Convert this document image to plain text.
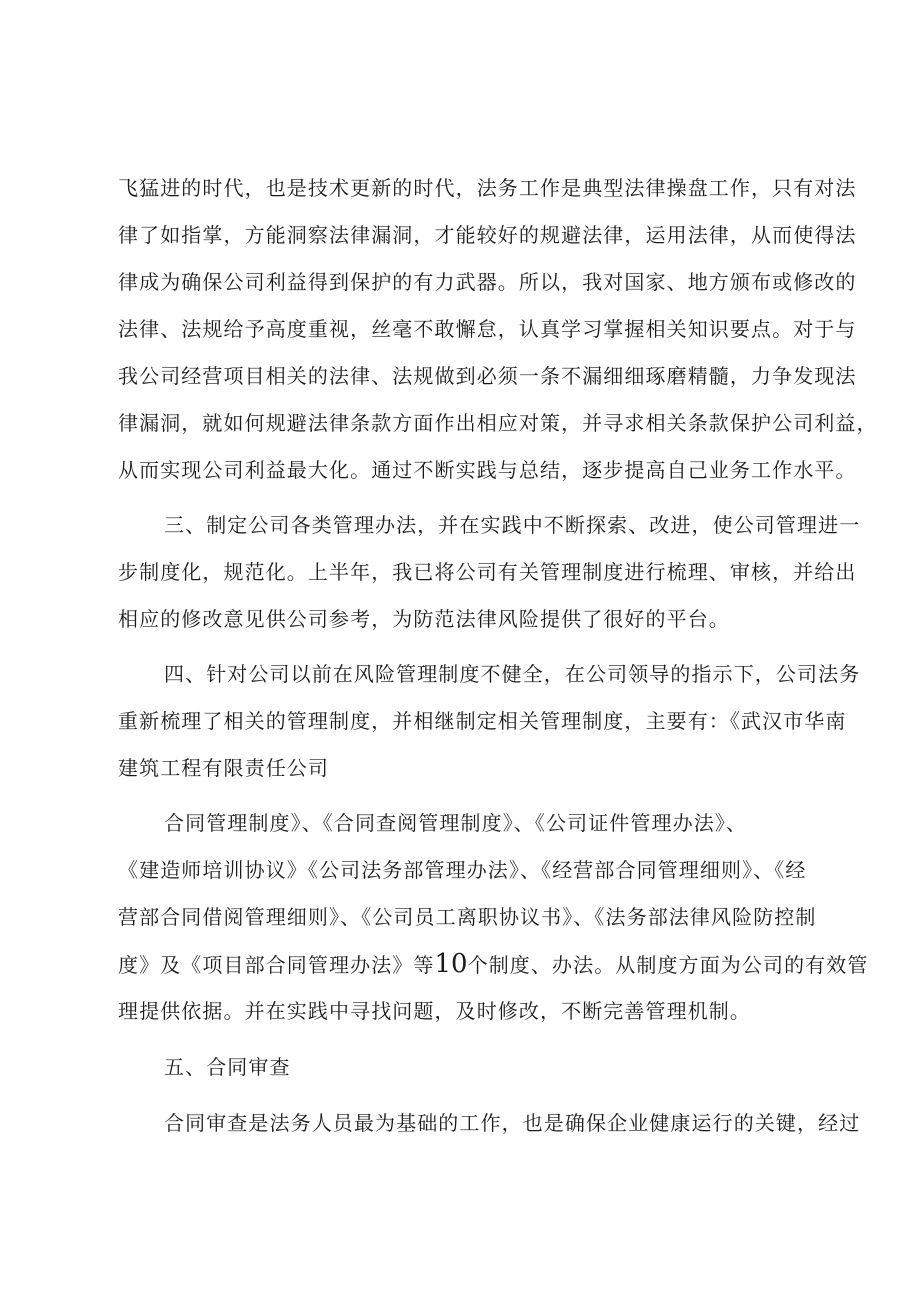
飞猛进的时代，也是技术更新的时代，法务工作是典型法律操盘工作，只有对法

律了如指掌，方能洞察法律漏洞，才能较好的规避法律，运用法律，从而使得法

律成为确保公司利益得到保护的有力武器。所以，我对国家、地方颁布或修改的

法律、法规给予高度重视，丝毫不敢懈怠，认真学习掌握相关知识要点。对于与

我公司经营项目相关的法律、法规做到必须一条不漏细细琢磨精髓，力争发现法

律漏洞，就如何规避法律条款方面作出相应对策，并寻求相关条款保护公司利益，

从而实现公司利益最大化。通过不断实践与总结，逐步提高自己业务工作水平。

三、制定公司各类管理办法，并在实践中不断探索、改进，使公司管理进一

步制度化，规范化。上半年，我已将公司有关管理制度进行梳理、审核，并给出

相应的修改意见供公司参考，为防范法律风险提供了很好的平台。

四、针对公司以前在风险管理制度不健全，在公司领导的指示下，公司法务

重新梳理了相关的管理制度，并相继制定相关管理制度，主要有：《武汉市华南

建筑工程有限责任公司

合同管理制度》、《合同查阅管理制度》、《公司证件管理办法》、

《建造师培训协议》《公司法务部管理办法》、《经营部合同管理细则》、《经

营部合同借阅管理细则》、《公司员工离职协议书》、《法务部法律风险防控制

度》及《项目部合同管理办法》等10个制度、办法。从制度方面为公司的有效管

理提供依据。并在实践中寻找问题，及时修改，不断完善管理机制。

五、合同审查

合同审查是法务人员最为基础的工作，也是确保企业健康运行的关键，经过
